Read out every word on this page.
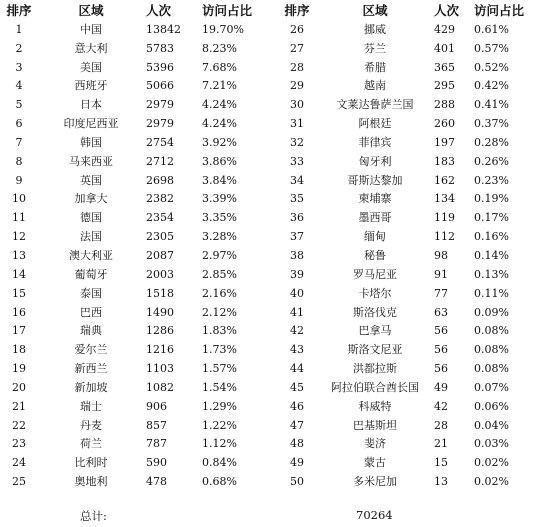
排序	区域	人次	访问占比	排序	区域	人次	访问占比
1	中国	13842	19.70%	26	挪威	429	0.61%
2	意大利	5783	8.23%	27	芬兰	401	0.57%
3	美国	5396	7.68%	28	希腊	365	0.52%
4	西班牙	5066	7.21%	29	越南	295	0.42%
5	日本	2979	4.24%	30	文莱达鲁萨兰国	288	0.41%
6	印度尼西亚	2979	4.24%	31	阿根廷	260	0.37%
7	韩国	2754	3.92%	32	菲律宾	197	0.28%
8	马来西亚	2712	3.86%	33	匈牙利	183	0.26%
9	英国	2698	3.84%	34	哥斯达黎加	162	0.23%
10	加拿大	2382	3.39%	35	柬埔寨	134	0.19%
11	德国	2354	3.35%	36	墨西哥	119	0.17%
12	法国	2305	3.28%	37	缅甸	112	0.16%
13	澳大利亚	2087	2.97%	38	秘鲁	98	0.14%
14	葡萄牙	2003	2.85%	39	罗马尼亚	91	0.13%
15	泰国	1518	2.16%	40	卡塔尔	77	0.11%
16	巴西	1490	2.12%	41	斯洛伐克	63	0.09%
17	瑞典	1286	1.83%	42	巴拿马	56	0.08%
18	爱尔兰	1216	1.73%	43	斯洛文尼亚	56	0.08%
19	新西兰	1103	1.57%	44	洪都拉斯	56	0.08%
20	新加坡	1082	1.54%	45	阿拉伯联合酋长国	49	0.07%
21	瑞士	906	1.29%	46	科威特	42	0.06%
22	丹麦	857	1.22%	47	巴基斯坦	28	0.04%
23	荷兰	787	1.12%	48	斐济	21	0.03%
24	比利时	590	0.84%	49	蒙古	15	0.02%
25	奥地利	478	0.68%	50	多米尼加	13	0.02%
总计:	70264
